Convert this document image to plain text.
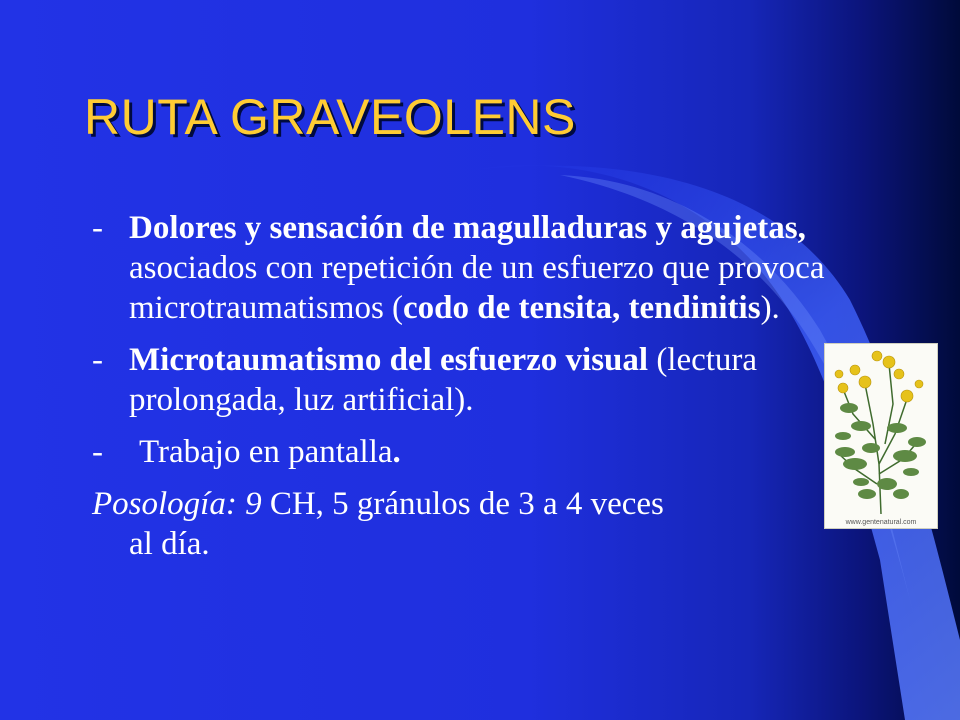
RUTA GRAVEOLENS
- Dolores y sensación de magulladuras y agujetas, asociados con repetición de un esfuerzo que provoca microtraumatismos (codo de tensita, tendinitis).
- Microtaumatismo del esfuerzo visual (lectura prolongada, luz artificial).
-	Trabajo en pantalla.
Posología: 9 CH, 5 gránulos de 3 a 4 veces
al día.
www.gentenatural.com
